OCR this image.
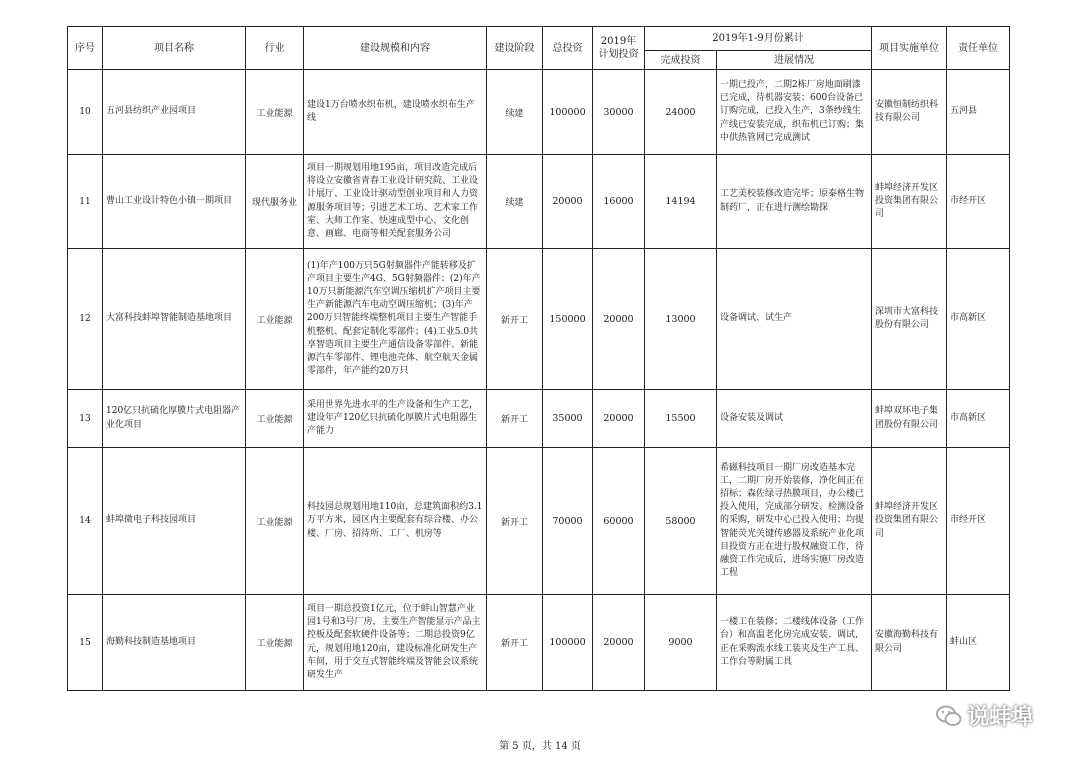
序号	项目名称	行业	建设规模和内容	建设阶段	总投资	2019年计划投资	2019年1-9月份累计		项目实施单位	责任单位
							完成投资	进展情况		
10	五河县纺织产业园项目	工业能源	建设1万台喷水织布机，建设喷水织布生产线	续建	100000	30000	24000	一期已投产，二期2栋厂房地面刷漆已完成，待机器安装；600台设备已订购完成，已投入生产，3条纱线生产线已安装完成，织布机已订购；集中供热管网已完成测试	安徽恒制纺织科技有限公司	五河县
11	曹山工业设计特色小镇一期项目	现代服务业	项目一期规划用地195亩，项目改造完成后将设立安徽省青春工业设计研究院、工业设计展厅、工业设计驱动型创业项目和人力资源服务项目等；引进艺术工坊、艺术家工作室、大师工作室、快速成型中心、文化创意、画廊、电商等相关配套服务公司	续建	20000	16000	14194	工艺美校装修改造完毕；原泰格生物制药厂，正在进行测绘勘探	蚌埠经济开发区投资集团有限公司	市经开区
12	大富科技蚌埠智能制造基地项目	工业能源	(1)年产100万只5G射频器件产能转移及扩产项目主要生产4G、5G射频器件；(2)年产10万只新能源汽车空调压缩机扩产项目主要生产新能源汽车电动空调压缩机；(3)年产200万只智能终端整机项目主要生产智能手机整机、配套定制化零部件；(4)工业5.0共享智造项目主要生产通信设备零部件、新能源汽车零部件、锂电池壳体、航空航天金属零部件，年产能约20万只	新开工	150000	20000	13000	设备调试、试生产	深圳市大富科技股份有限公司	市高新区
13	120亿只抗硫化厚膜片式电阻器产业化项目	工业能源	采用世界先进水平的生产设备和生产工艺，建设年产120亿只抗硫化厚膜片式电阻器生产能力	新开工	35000	20000	15500	设备安装及调试	蚌埠双环电子集团股份有限公司	市高新区
14	蚌埠微电子科技园项目	工业能源	科技园总规划用地110亩，总建筑面积约3.1万平方米，园区内主要配套有综合楼、办公楼、厂房、招待所、工厂、机房等	新开工	70000	60000	58000	希磁科技项目一期厂房改造基本完工，二期厂房开始装修，净化间正在招标；森佐绿寻热膜项目，办公楼已投入使用，完成部分研发、检测设备的采购，研发中心已投入使用；均提智能荧光关键传感器及系统产业化项目投资方正在进行股权融资工作，待融资工作完成后，进场实施厂房改造工程	蚌埠经济开发区投资集团有限公司	市经开区
15	海勤科技制造基地项目	工业能源	项目一期总投资1亿元，位于蚌山智慧产业园1号和3号厂房，主要生产智能显示产品主控板及配套软硬件设备等；二期总投资9亿元，规划用地120亩，建设标准化研发生产车间，用于交互式智能终端及智能会议系统研发生产	新开工	100000	20000	9000	一楼工在装修；二楼线体设备（工作台）和高温老化房完成安装、调试，正在采购流水线工装夹及生产工具、工作台等附属工具	安徽海勤科技有限公司	蚌山区
第 5 页，共 14 页
说蚌埠
